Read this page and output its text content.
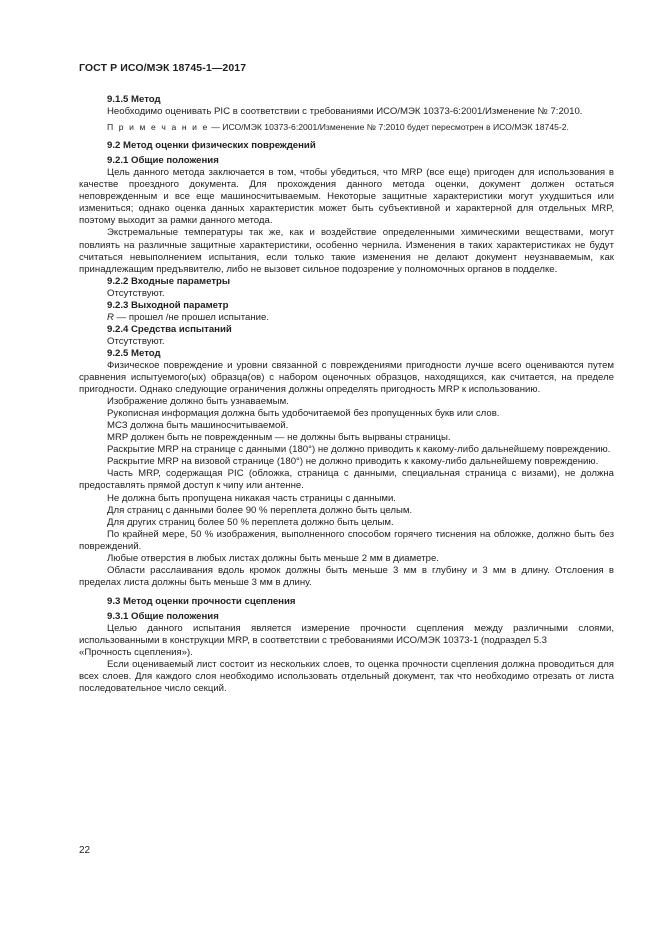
ГОСТ Р ИСО/МЭК 18745-1—2017

9.1.5 Метод

Необходимо оценивать PIC в соответствии с требованиями ИСО/МЭК 10373-6:2001/Изменение № 7:2010.

П р и м е ч а н и е — ИСО/МЭК 10373-6:2001/Изменение № 7:2010 будет пересмотрен в ИСО/МЭК 18745-2.

9.2 Метод оценки физических повреждений

9.2.1 Общие положения

Цель данного метода заключается в том, чтобы убедиться, что MRP (все еще) пригоден для использования в качестве проездного документа. Для прохождения данного метода оценки, документ должен остаться неповрежденным и все еще машиносчитываемым. Некоторые защитные характеристики могут ухудшиться или измениться; однако оценка данных характеристик может быть субъективной и характерной для отдельных MRP, поэтому выходит за рамки данного метода.

Экстремальные температуры так же, как и воздействие определенными химическими веществами, могут повлиять на различные защитные характеристики, особенно чернила. Изменения в таких характеристиках не будут считаться невыполнением испытания, если только такие изменения не делают документ неузнаваемым, как принадлежащим предъявителю, либо не вызовет сильное подозрение у полномочных органов в подделке.

9.2.2 Входные параметры

Отсутствуют.

9.2.3 Выходной параметр

R — прошел /не прошел испытание.

9.2.4 Средства испытаний

Отсутствуют.

9.2.5 Метод

Физическое повреждение и уровни связанной с повреждениями пригодности лучше всего оцениваются путем сравнения испытуемого(ых) образца(ов) с набором оценочных образцов, находящихся, как считается, на пределе пригодности. Однако следующие ограничения должны определять пригодность MRP к использованию.

Изображение должно быть узнаваемым.

Рукописная информация должна быть удобочитаемой без пропущенных букв или слов.

МСЗ должна быть машиносчитываемой.

MRP должен быть не поврежденным — не должны быть вырваны страницы.

Раскрытие MRP на странице с данными (180°) не должно приводить к какому-либо дальнейшему повреждению.

Раскрытие MRP на визовой странице (180°) не должно приводить к какому-либо дальнейшему повреждению.

Часть MRP, содержащая PIC (обложка, страница с данными, специальная страница с визами), не должна предоставлять прямой доступ к чипу или антенне.

Не должна быть пропущена никакая часть страницы с данными.

Для страниц с данными более 90 % переплета должно быть целым.

Для других страниц более 50 % переплета должно быть целым.

По крайней мере, 50 % изображения, выполненного способом горячего тиснения на обложке, должно быть без повреждений.

Любые отверстия в любых листах должны быть меньше 2 мм в диаметре.

Области расслаивания вдоль кромок должны быть меньше 3 мм в глубину и 3 мм в длину. Отслоения в пределах листа должны быть меньше 3 мм в длину.

9.3 Метод оценки прочности сцепления

9.3.1 Общие положения

Целью данного испытания является измерение прочности сцепления между различными слоями, использованными в конструкции MRP, в соответствии с требованиями ИСО/МЭК 10373-1 (подраздел 5.3

«Прочность сцепления»).

Если оцениваемый лист состоит из нескольких слоев, то оценка прочности сцепления должна проводиться для всех слоев. Для каждого слоя необходимо использовать отдельный документ, так что необходимо отрезать от листа последовательное число секций.

22
